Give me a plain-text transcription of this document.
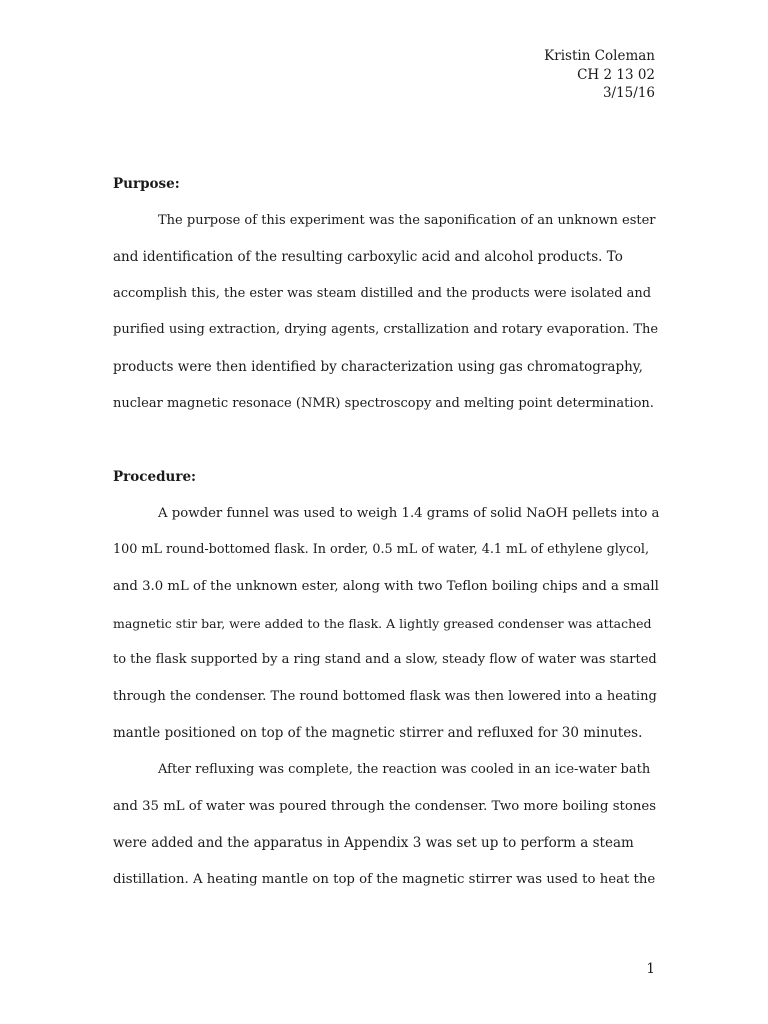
Kristin Coleman
CH 2 13 02
3/15/16
Purpose:
The purpose of this experiment was the saponification of an unknown ester
and identification of the resulting carboxylic acid and alcohol products. To
accomplish this, the ester was steam distilled and the products were isolated and
purified using extraction, drying agents, crstallization and rotary evaporation. The
products were then identified by characterization using gas chromatography,
nuclear magnetic resonace (NMR) spectroscopy and melting point determination.
Procedure:
A powder funnel was used to weigh 1.4 grams of solid NaOH pellets into a
100 mL round-bottomed flask. In order, 0.5 mL of water, 4.1 mL of ethylene glycol,
and 3.0 mL of the unknown ester, along with two Teflon boiling chips and a small
magnetic stir bar, were added to the flask. A lightly greased condenser was attached
to the flask supported by a ring stand and a slow, steady flow of water was started
through the condenser. The round bottomed flask was then lowered into a heating
mantle positioned on top of the magnetic stirrer and refluxed for 30 minutes.
After refluxing was complete, the reaction was cooled in an ice-water bath
and 35 mL of water was poured through the condenser. Two more boiling stones
were added and the apparatus in Appendix 3 was set up to perform a steam
distillation. A heating mantle on top of the magnetic stirrer was used to heat the
1
